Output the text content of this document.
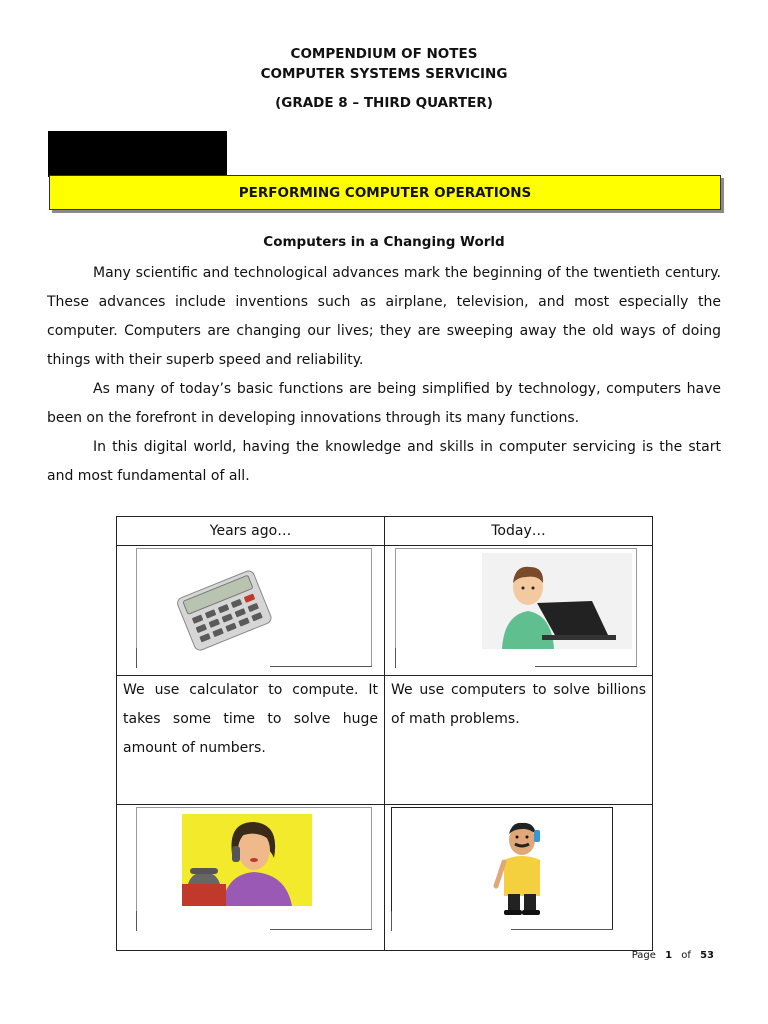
COMPENDIUM OF NOTES
COMPUTER SYSTEMS SERVICING
(GRADE 8 – THIRD QUARTER)
PERFORMING COMPUTER OPERATIONS
Computers in a Changing World

Many scientific and technological advances mark the beginning of the twentieth century. These advances include inventions such as airplane, television, and most especially the computer. Computers are changing our lives; they are sweeping away the old ways of doing things with their superb speed and reliability.

As many of today’s basic functions are being simplified by technology, computers have been on the forefront in developing innovations through its many functions.

In this digital world, having the knowledge and skills in computer servicing is the start and most fundamental of all.

Years ago…	Today…

We use calculator to compute. It takes some time to solve huge amount of numbers.	We use computers to solve billions of math problems.

Page 1 of 53
